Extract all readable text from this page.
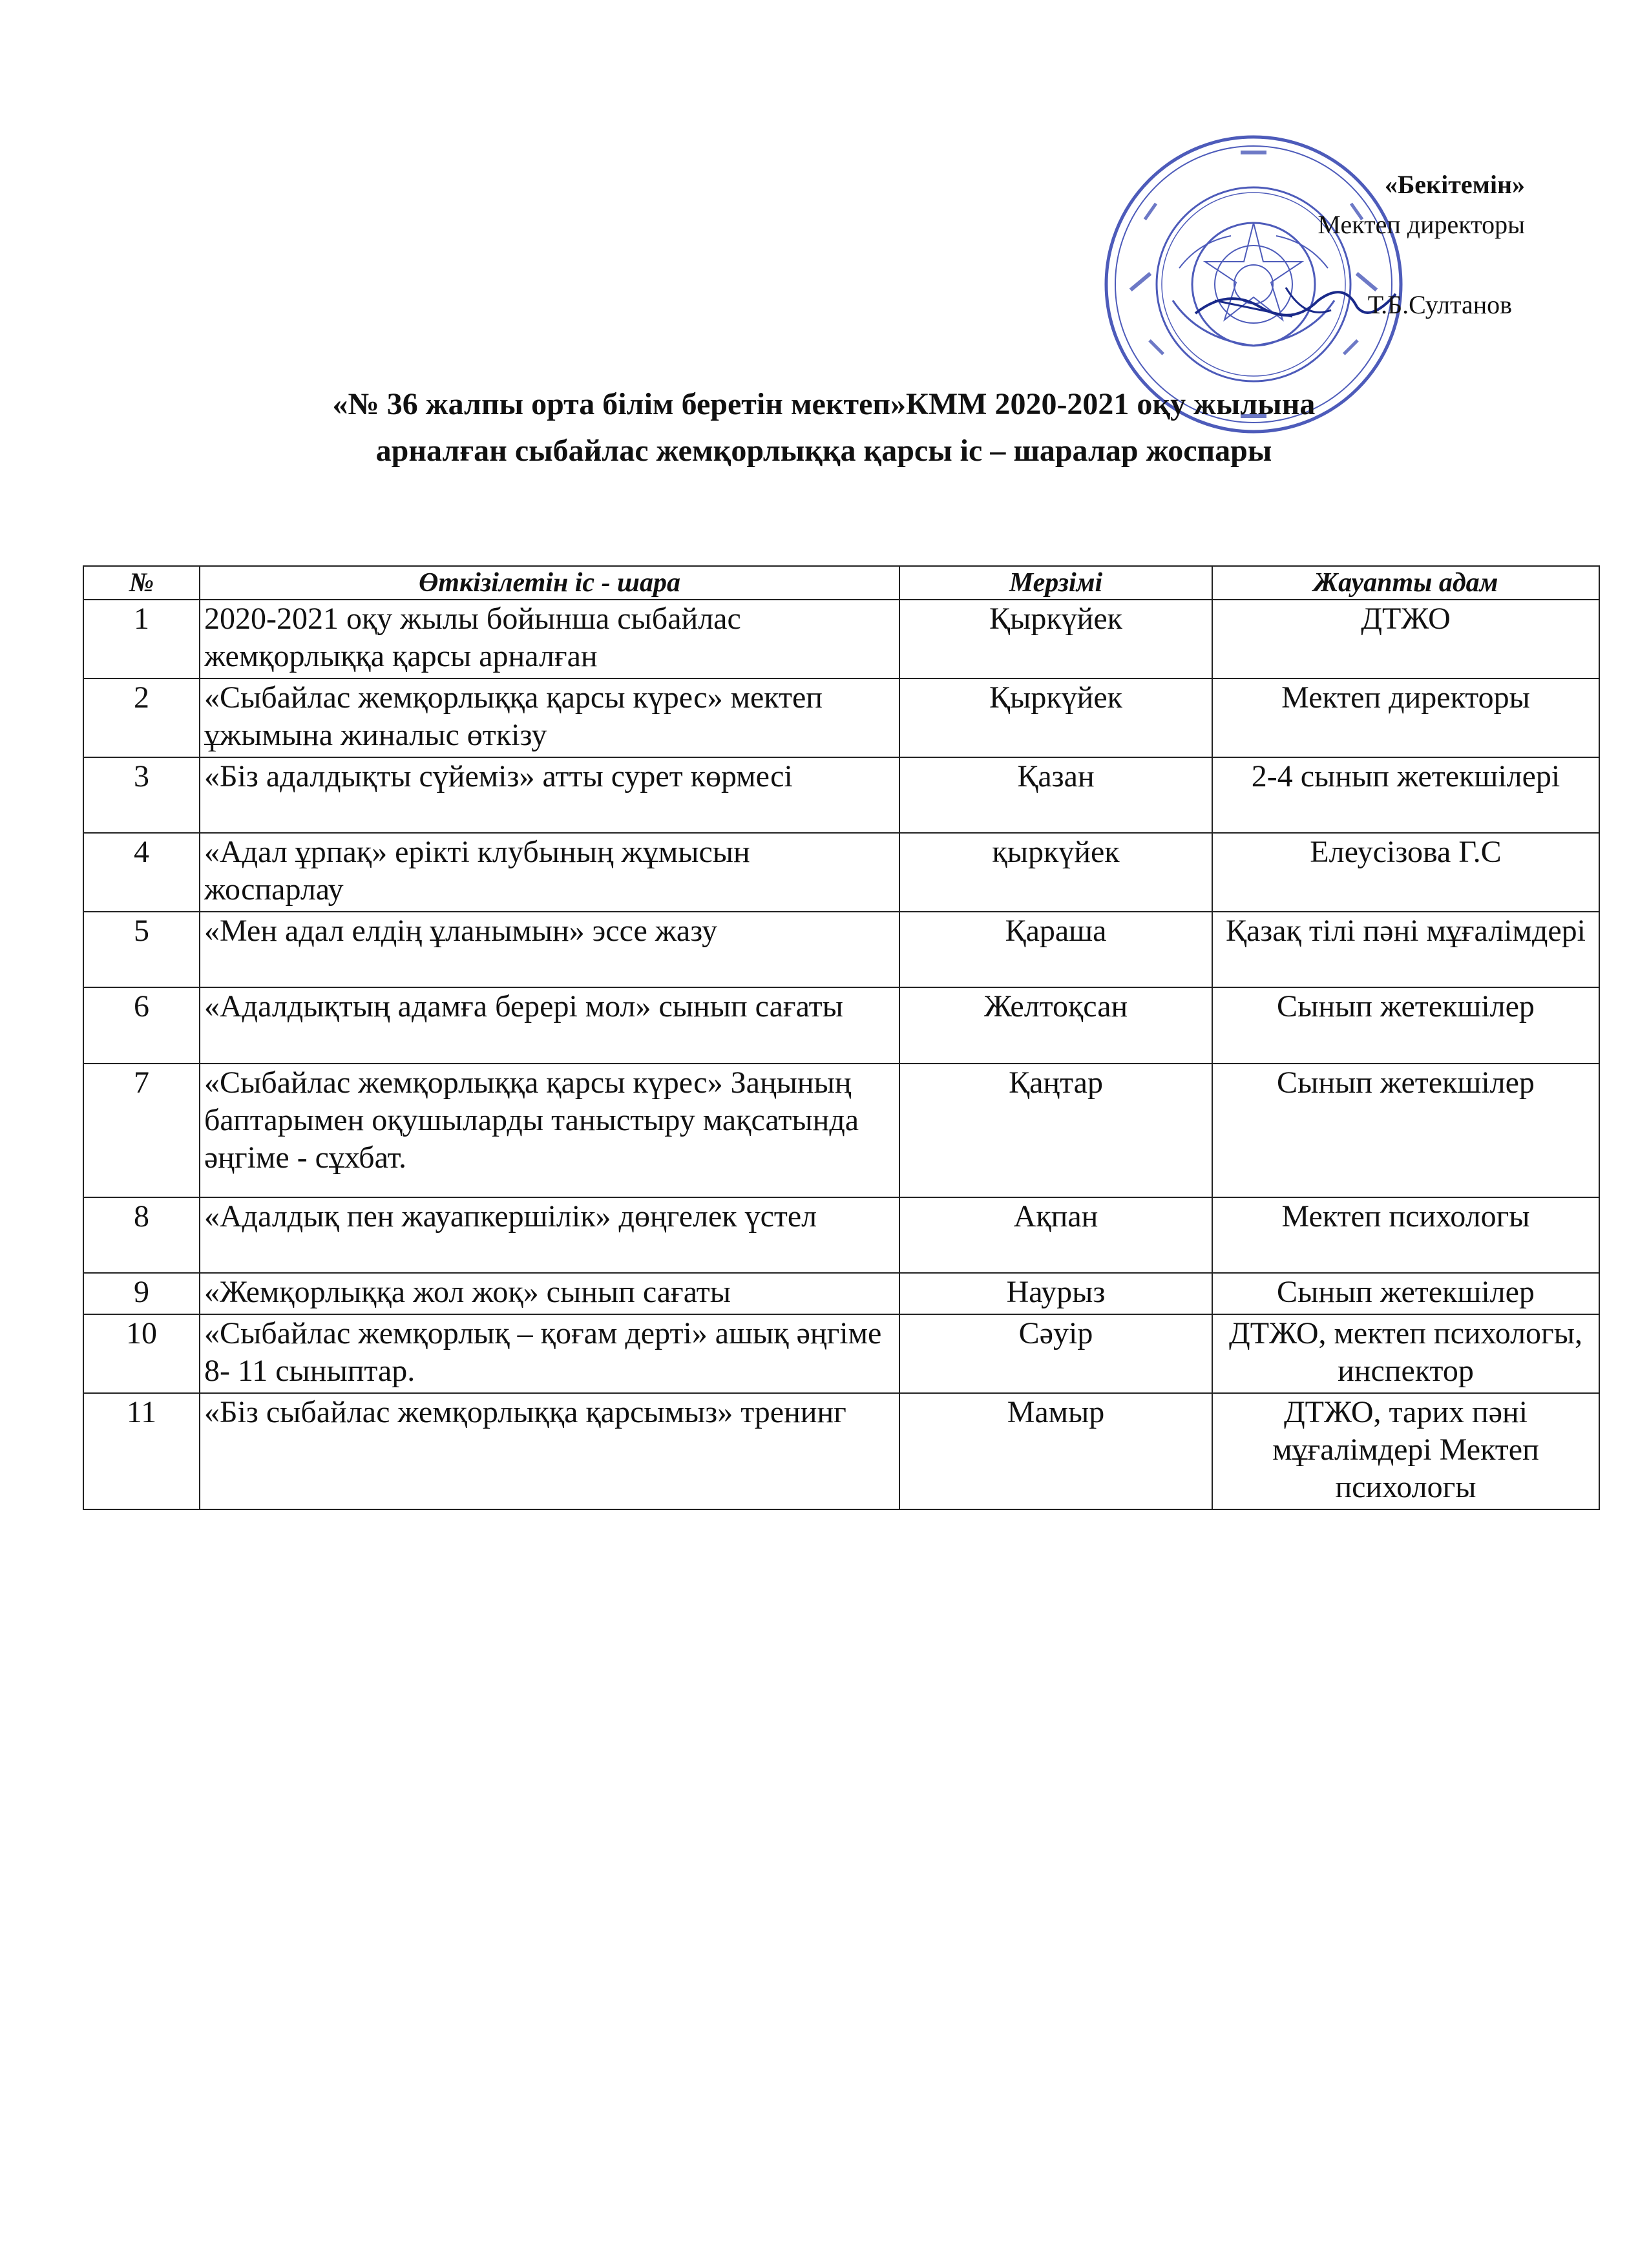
«Бекітемін»
Мектеп директоры
Т.Б.Султанов
«№ 36 жалпы орта білім беретін мектеп»КММ 2020-2021 оқу жылына
арналған сыбайлас жемқорлыққа қарсы іс – шаралар жоспары
№	Өткізілетін іс - шара	Мерзімі	Жауапты адам
1	2020-2021 оқу жылы бойынша сыбайлас жемқорлыққа қарсы арналған	Қыркүйек	ДТЖО
2	«Сыбайлас жемқорлыққа қарсы күрес» мектеп ұжымына жиналыс өткізу	Қыркүйек	Мектеп директоры
3	«Біз адалдықты сүйеміз» атты сурет көрмесі	Қазан	2-4 сынып жетекшілері
4	«Адал ұрпақ» ерікті клубының жұмысын жоспарлау	қыркүйек	Елеусізова Г.С
5	«Мен адал елдің ұланымын» эссе жазу	Қараша	Қазақ тілі пәні мұғалімдері
6	«Адалдықтың адамға берері мол» сынып сағаты	Желтоқсан	Сынып жетекшілер
7	«Сыбайлас жемқорлыққа қарсы күрес» Заңының баптарымен оқушыларды таныстыру мақсатында әңгіме - сұхбат.	Қаңтар	Сынып жетекшілер
8	«Адалдық пен жауапкершілік» дөңгелек үстел	Ақпан	Мектеп психологы
9	«Жемқорлыққа жол жоқ» сынып сағаты	Наурыз	Сынып жетекшілер
10	«Сыбайлас жемқорлық – қоғам дерті» ашық әңгіме 8- 11 сыныптар.	Сәуір	ДТЖО, мектеп психологы, инспектор
11	«Біз сыбайлас жемқорлыққа қарсымыз» тренинг	Мамыр	ДТЖО, тарих пәні мұғалімдері Мектеп психологы
